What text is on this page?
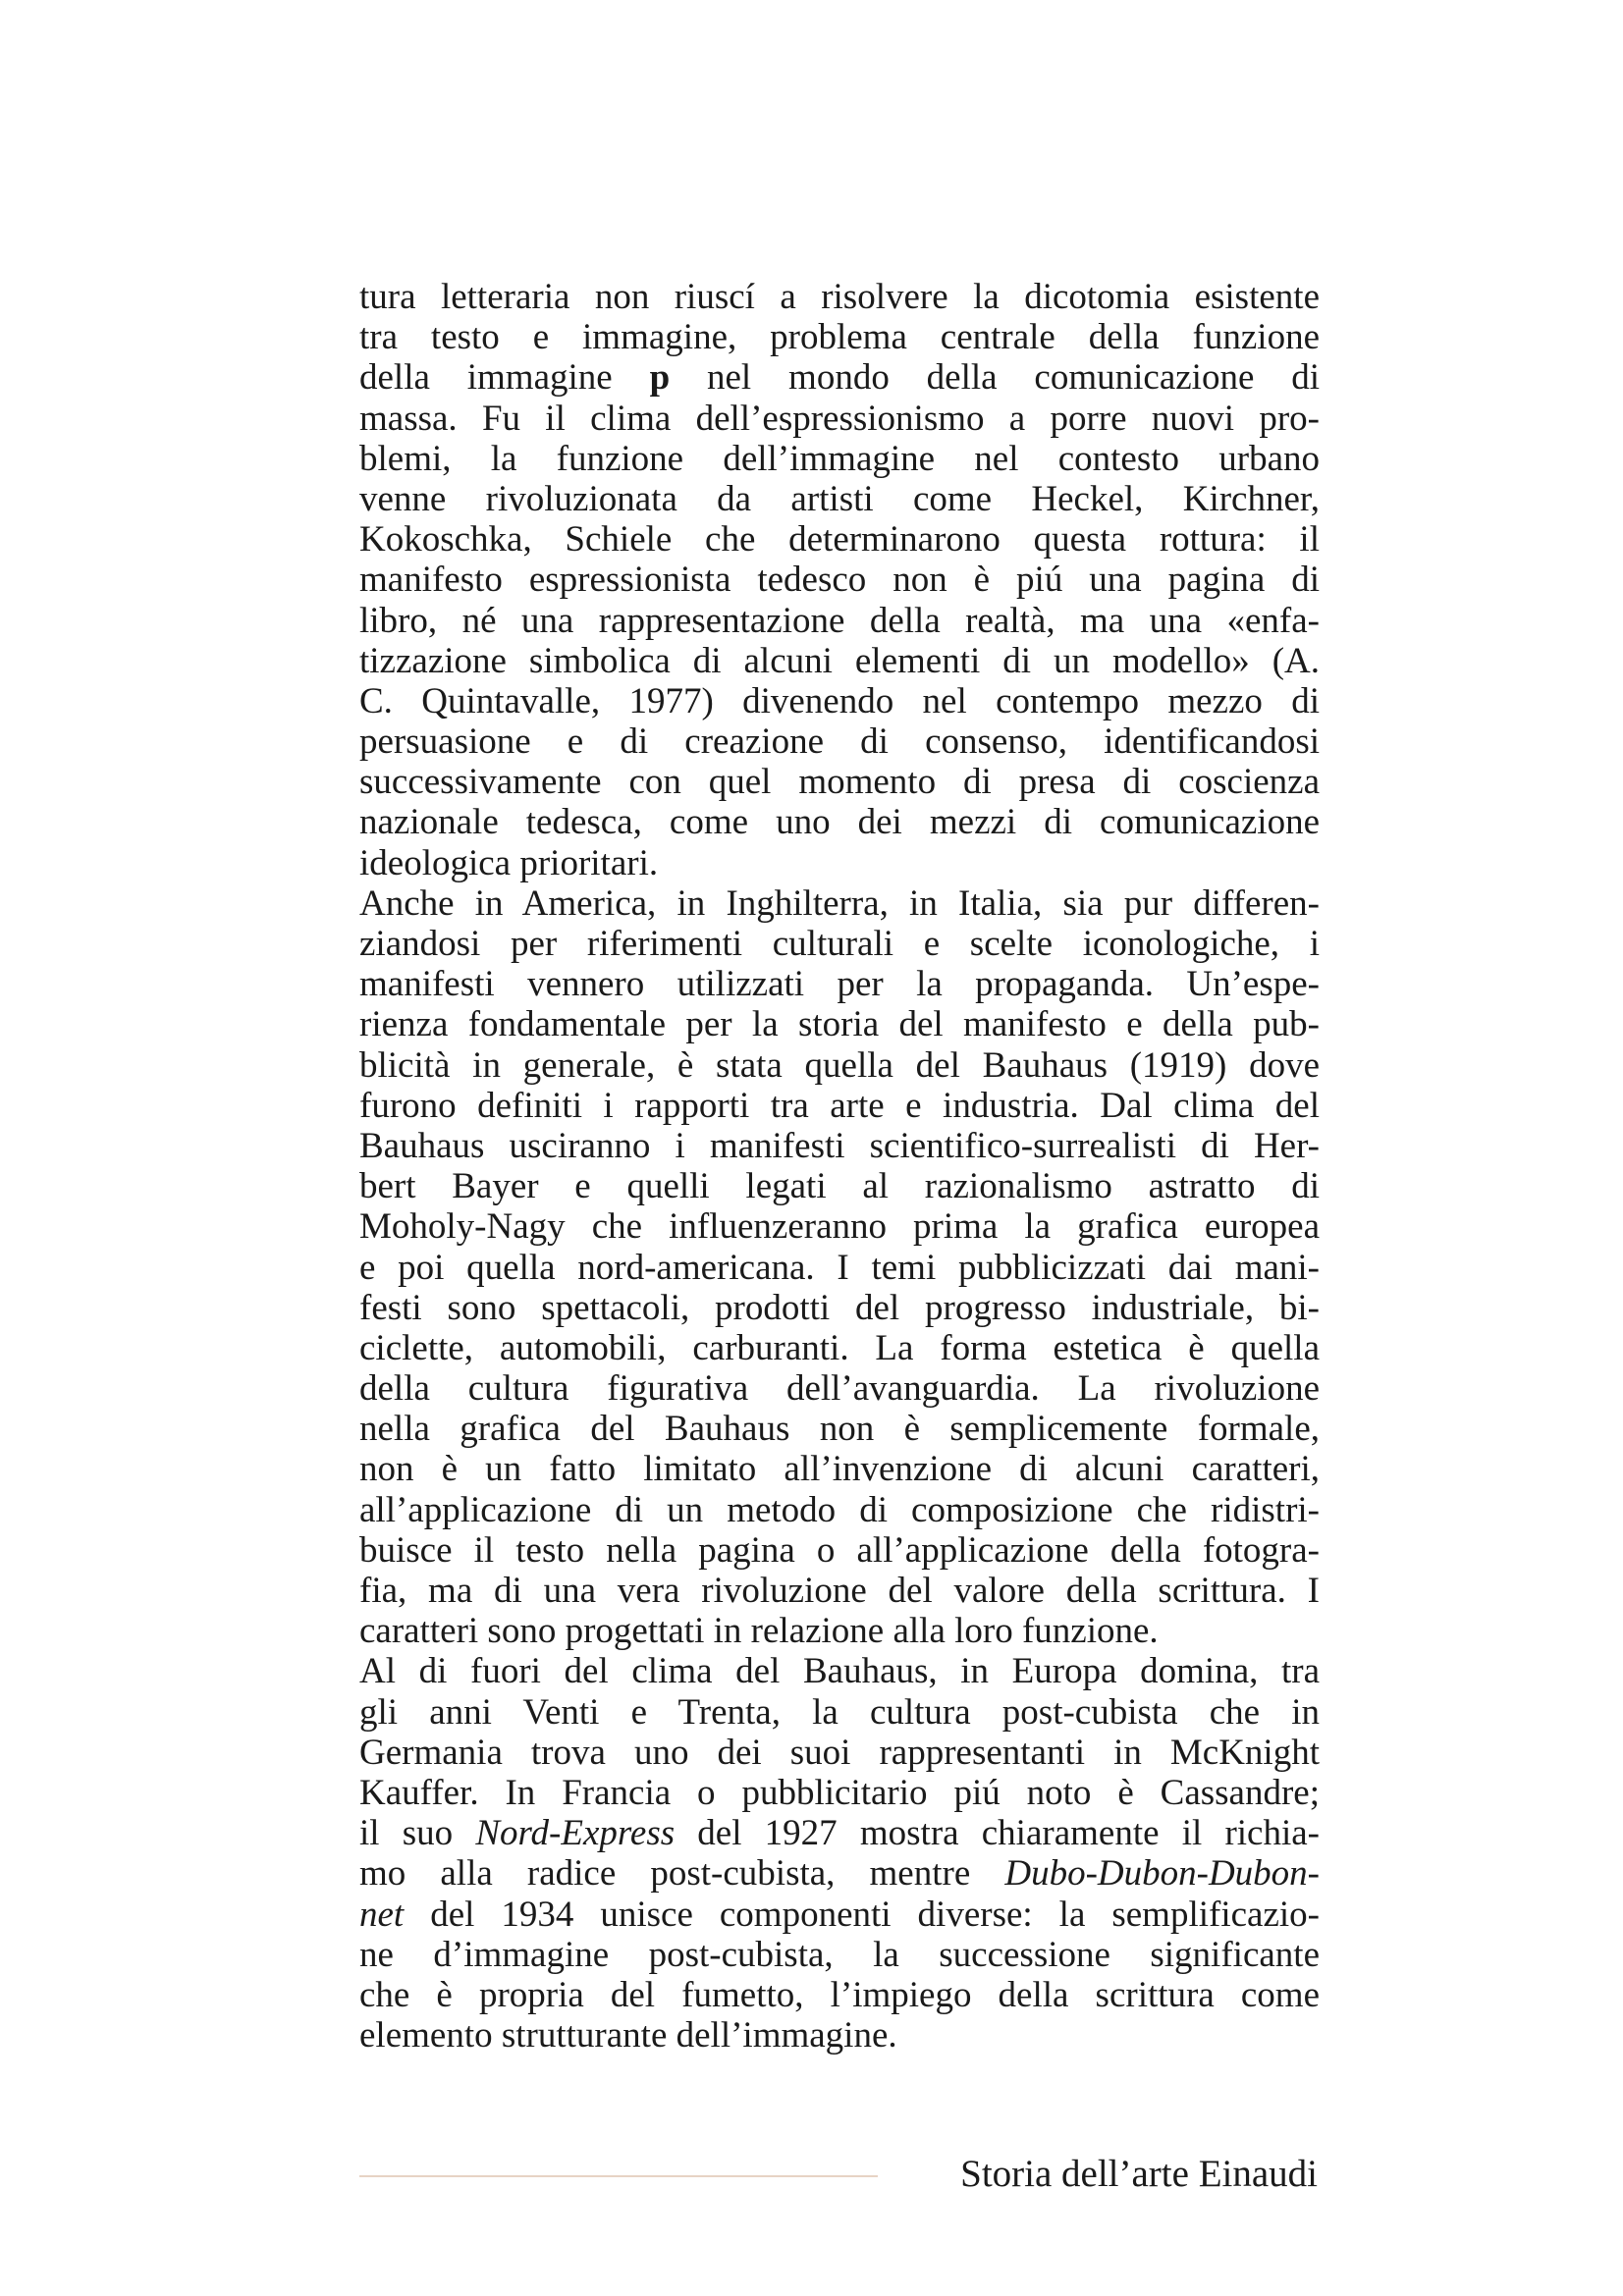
tura letteraria non riuscí a risolvere la dicotomia esistente
tra testo e immagine, problema centrale della funzione
della immagine p nel mondo della comunicazione di
massa. Fu il clima dell’espressionismo a porre nuovi pro-
blemi, la funzione dell’immagine nel contesto urbano
venne rivoluzionata da artisti come Heckel, Kirchner,
Kokoschka, Schiele che determinarono questa rottura: il
manifesto espressionista tedesco non è piú una pagina di
libro, né una rappresentazione della realtà, ma una «enfa-
tizzazione simbolica di alcuni elementi di un modello» (A.
C. Quintavalle, 1977) divenendo nel contempo mezzo di
persuasione e di creazione di consenso, identificandosi
successivamente con quel momento di presa di coscienza
nazionale tedesca, come uno dei mezzi di comunicazione
ideologica prioritari.
Anche in America, in Inghilterra, in Italia, sia pur differen-
ziandosi per riferimenti culturali e scelte iconologiche, i
manifesti vennero utilizzati per la propaganda. Un’espe-
rienza fondamentale per la storia del manifesto e della pub-
blicità in generale, è stata quella del Bauhaus (1919) dove
furono definiti i rapporti tra arte e industria. Dal clima del
Bauhaus usciranno i manifesti scientifico-surrealisti di Her-
bert Bayer e quelli legati al razionalismo astratto di
Moholy-Nagy che influenzeranno prima la grafica europea
e poi quella nord-americana. I temi pubblicizzati dai mani-
festi sono spettacoli, prodotti del progresso industriale, bi-
ciclette, automobili, carburanti. La forma estetica è quella
della cultura figurativa dell’avanguardia. La rivoluzione
nella grafica del Bauhaus non è semplicemente formale,
non è un fatto limitato all’invenzione di alcuni caratteri,
all’applicazione di un metodo di composizione che ridistri-
buisce il testo nella pagina o all’applicazione della fotogra-
fia, ma di una vera rivoluzione del valore della scrittura. I
caratteri sono progettati in relazione alla loro funzione.
Al di fuori del clima del Bauhaus, in Europa domina, tra
gli anni Venti e Trenta, la cultura post-cubista che in
Germania trova uno dei suoi rappresentanti in McKnight
Kauffer. In Francia o pubblicitario piú noto è Cassandre;
il suo Nord-Express del 1927 mostra chiaramente il richia-
mo alla radice post-cubista, mentre Dubo-Dubon-Dubon-
net del 1934 unisce componenti diverse: la semplificazio-
ne d’immagine post-cubista, la successione significante
che è propria del fumetto, l’impiego della scrittura come
elemento strutturante dell’immagine.
Storia dell’arte Einaudi
